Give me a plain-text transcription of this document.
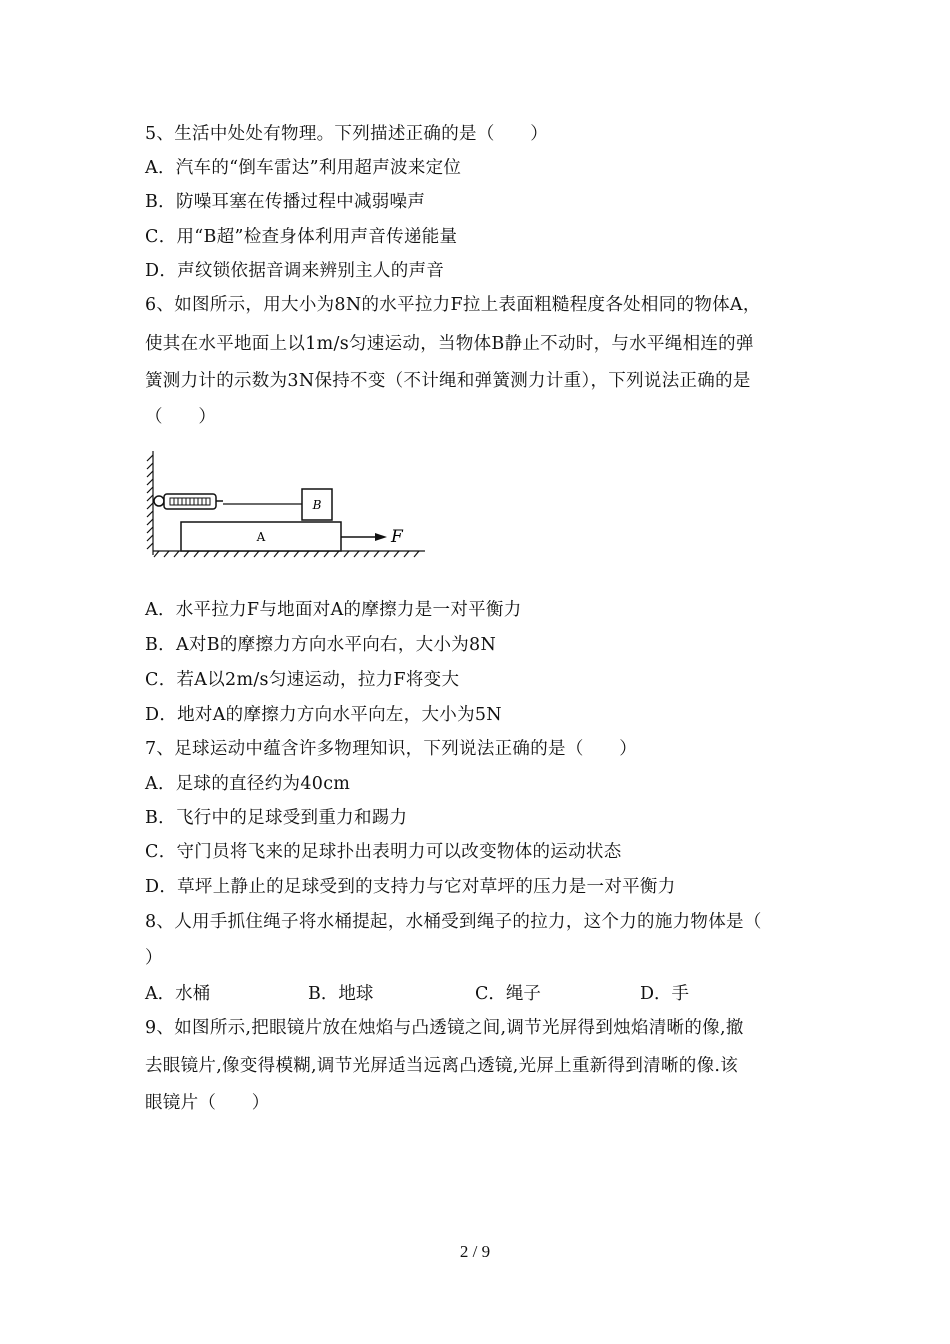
5、生活中处处有物理。下列描述正确的是（　　）
A．汽车的“倒车雷达”利用超声波来定位
B．防噪耳塞在传播过程中减弱噪声
C．用“B超”检查身体利用声音传递能量
D．声纹锁依据音调来辨别主人的声音
6、如图所示，用大小为8N的水平拉力F拉上表面粗糙程度各处相同的物体A，
使其在水平地面上以1m/s匀速运动，当物体B静止不动时，与水平绳相连的弹
簧测力计的示数为3N保持不变（不计绳和弹簧测力计重），下列说法正确的是
（　　）
B
A	F
A．水平拉力F与地面对A的摩擦力是一对平衡力
B．A对B的摩擦力方向水平向右，大小为8N
C．若A以2m/s匀速运动，拉力F将变大
D．地对A的摩擦力方向水平向左，大小为5N
7、足球运动中蕴含许多物理知识，下列说法正确的是（　　）
A．足球的直径约为40cm
B．飞行中的足球受到重力和踢力
C．守门员将飞来的足球扑出表明力可以改变物体的运动状态
D．草坪上静止的足球受到的支持力与它对草坪的压力是一对平衡力
8、人用手抓住绳子将水桶提起，水桶受到绳子的拉力，这个力的施力物体是（
）
A．水桶	B．地球	C．绳子	D．手
9、如图所示,把眼镜片放在烛焰与凸透镜之间,调节光屏得到烛焰清晰的像,撤
去眼镜片,像变得模糊,调节光屏适当远离凸透镜,光屏上重新得到清晰的像.该
眼镜片（　　）
2 / 9
